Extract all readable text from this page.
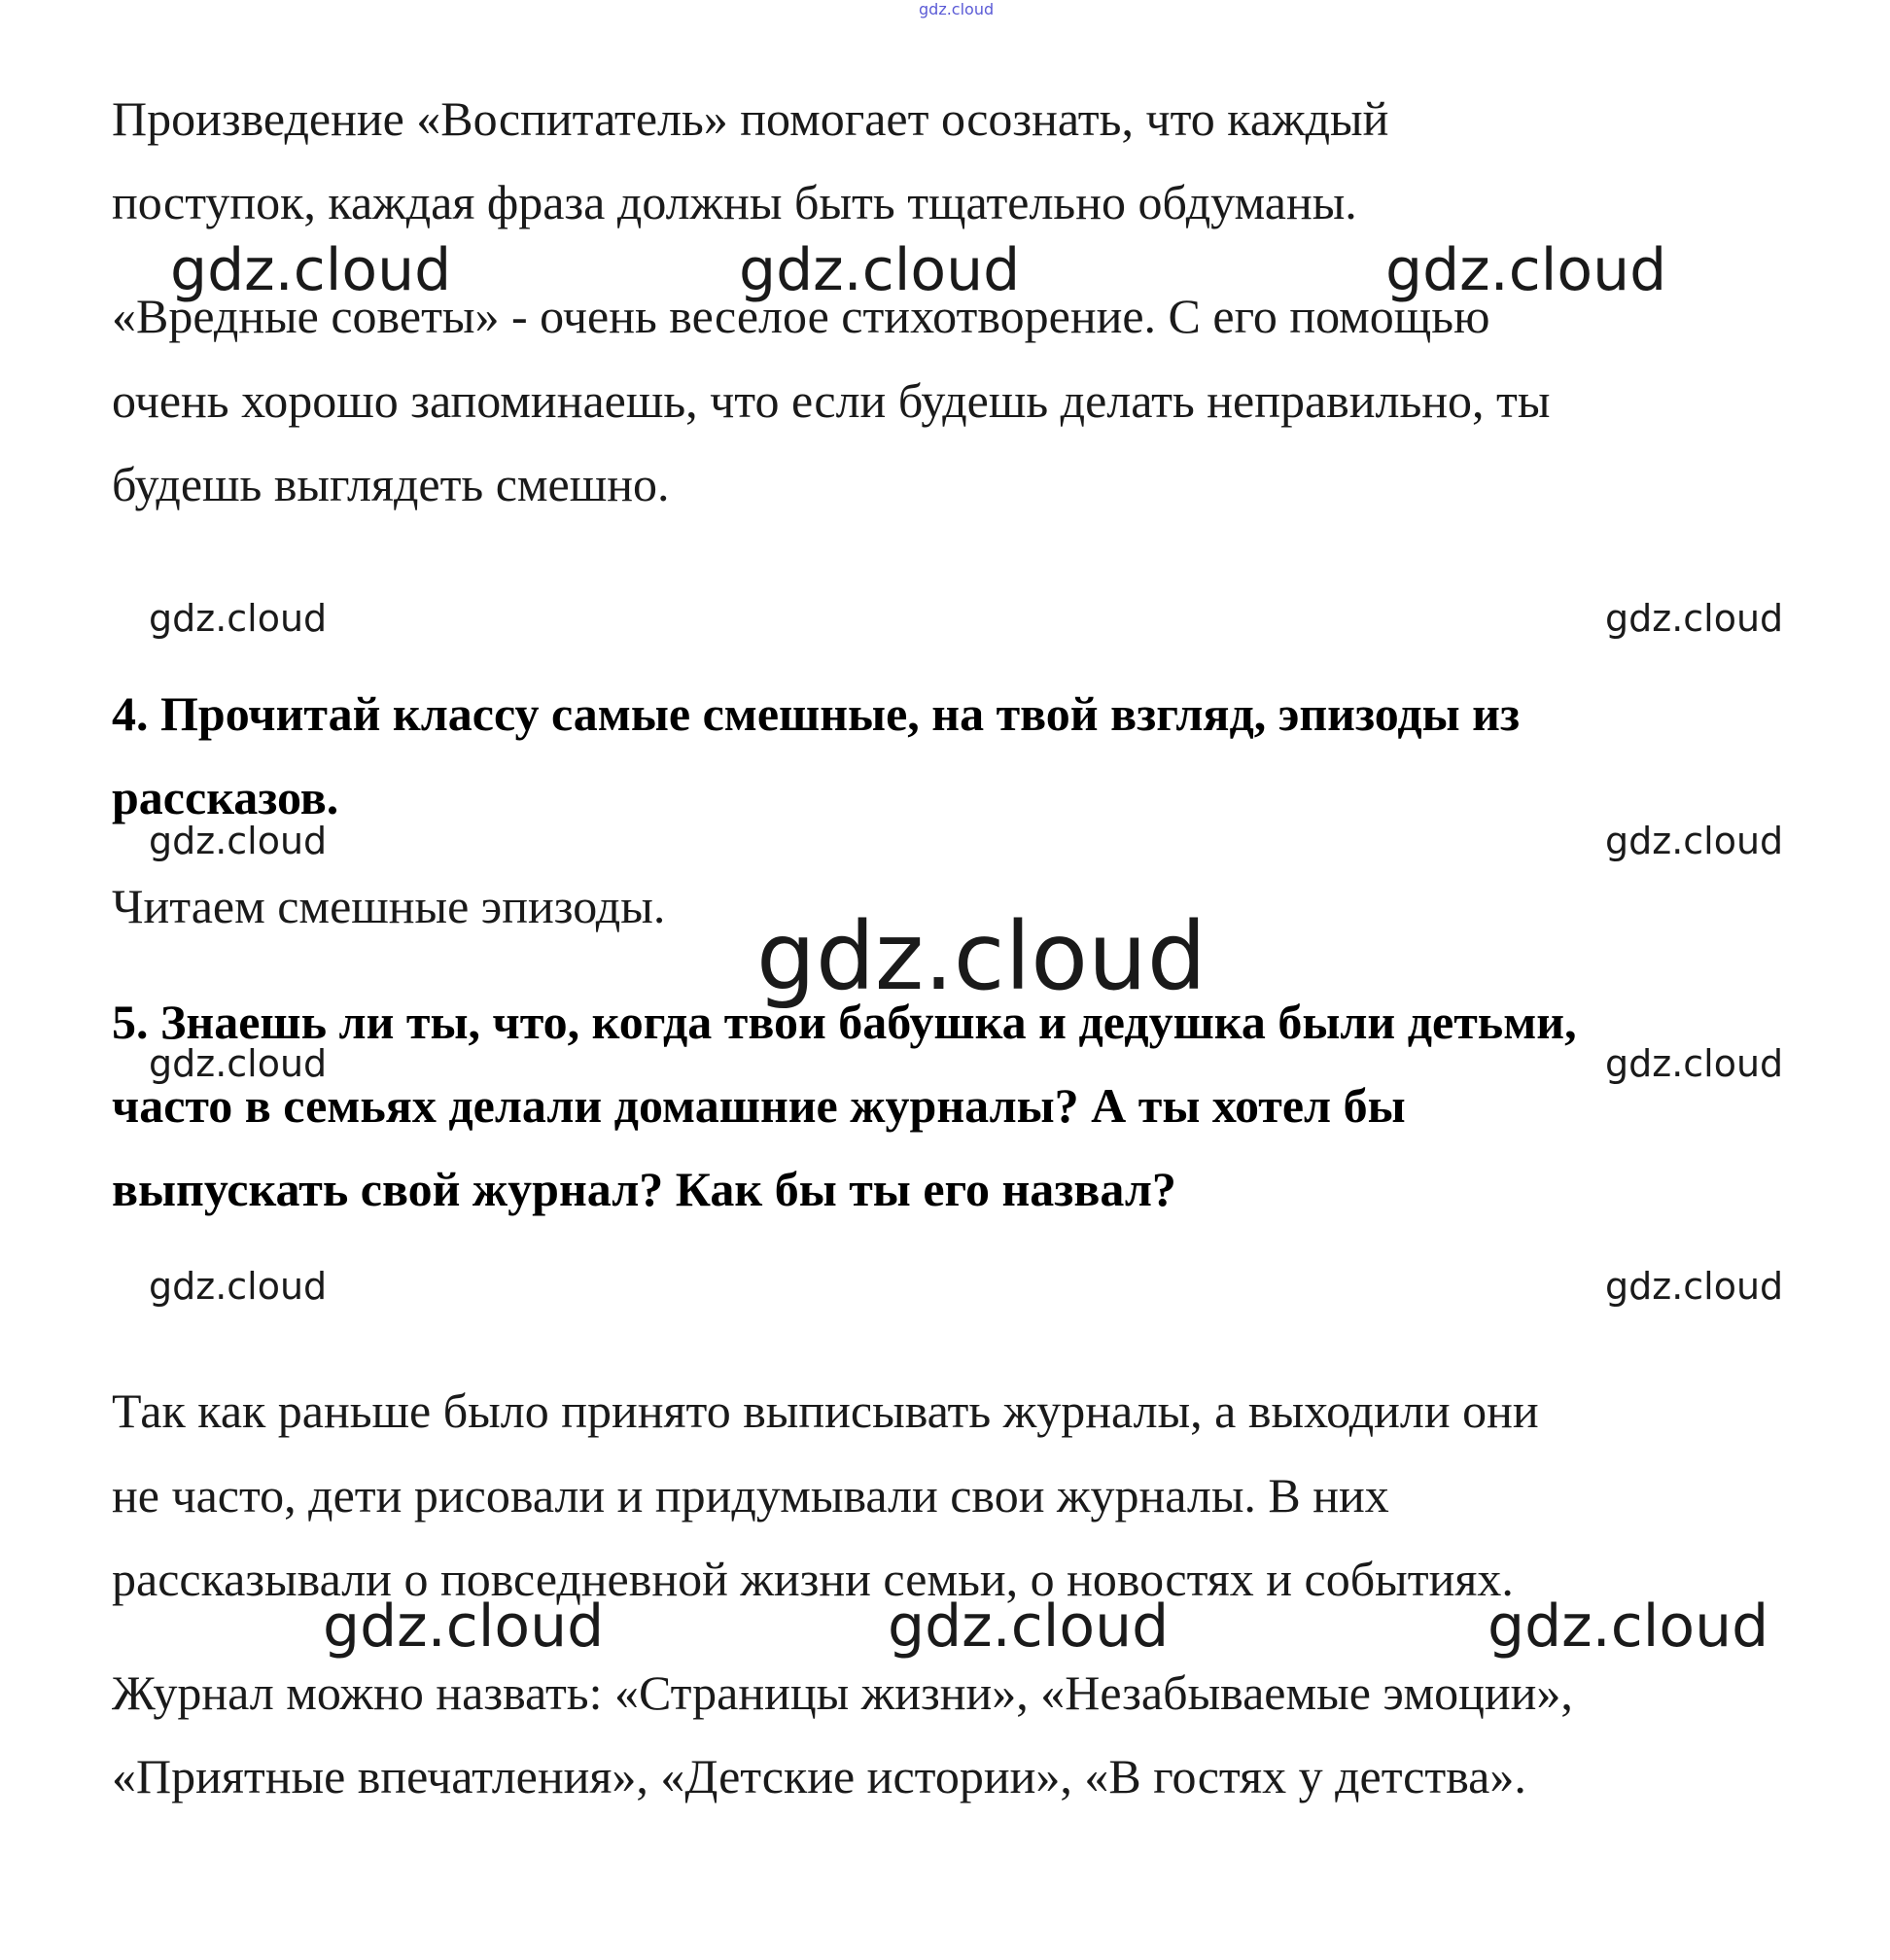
gdz.cloud
Произведение «Воспитатель» помогает осознать, что каждый
поступок, каждая фраза должны быть тщательно обдуманы.
gdz.cloud	gdz.cloud	gdz.cloud
«Вредные советы» - очень веселое стихотворение. С его помощью
очень хорошо запоминаешь, что если будешь делать неправильно, ты
будешь выглядеть смешно.
gdz.cloud	gdz.cloud
4. Прочитай классу самые смешные, на твой взгляд, эпизоды из
рассказов.
gdz.cloud	gdz.cloud
Читаем смешные эпизоды. gdz.cloud
5. Знаешь ли ты, что, когда твои бабушка и дедушка были детьми,
gdz.cloud	gdz.cloud
часто в семьях делали домашние журналы? А ты хотел бы
выпускать свой журнал? Как бы ты его назвал?
gdz.cloud	gdz.cloud
Так как раньше было принято выписывать журналы, а выходили они
не часто, дети рисовали и придумывали свои журналы. В них
рассказывали о повседневной жизни семьи, о новостях и событиях.
gdz.cloud	gdz.cloud	gdz.cloud
Журнал можно назвать: «Страницы жизни», «Незабываемые эмоции»,
«Приятные впечатления», «Детские истории», «В гостях у детства».
